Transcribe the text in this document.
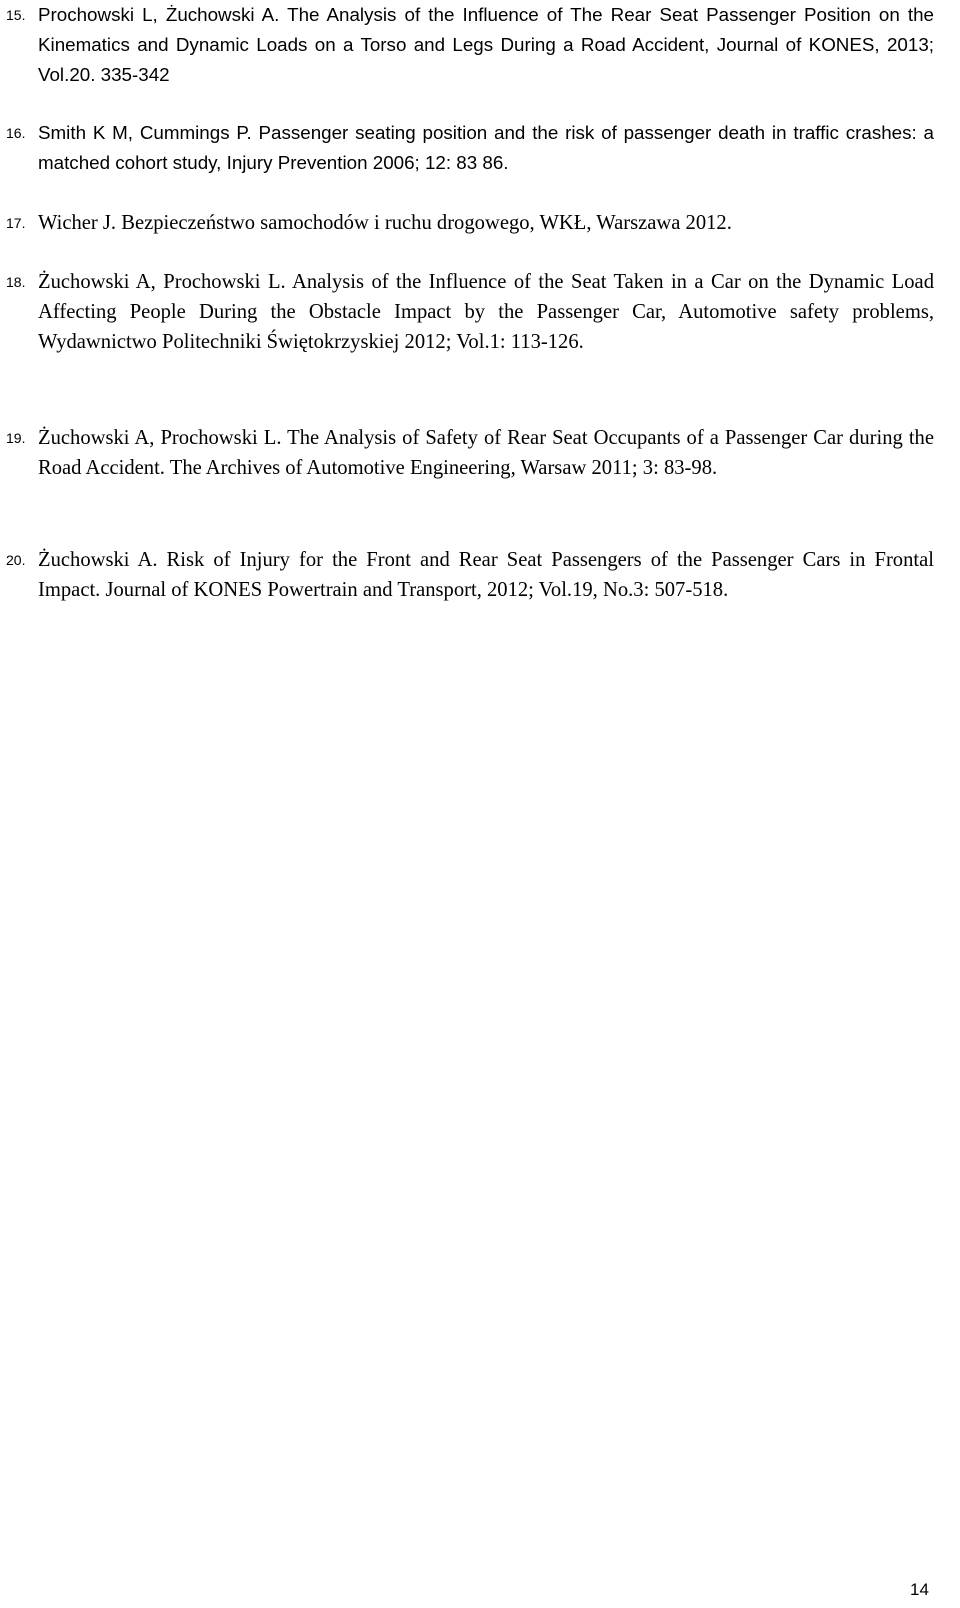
15. Prochowski L, Żuchowski A. The Analysis of the Influence of The Rear Seat Passenger Position on the Kinematics and Dynamic Loads on a Torso and Legs During a Road Accident, Journal of KONES, 2013; Vol.20. 335-342
16. Smith K M, Cummings P. Passenger seating position and the risk of passenger death in traffic crashes: a matched cohort study, Injury Prevention 2006; 12: 83 86.
17. Wicher J. Bezpieczeństwo samochodów i ruchu drogowego, WKŁ, Warszawa 2012.
18. Żuchowski A, Prochowski L. Analysis of the Influence of the Seat Taken in a Car on the Dynamic Load Affecting People During the Obstacle Impact by the Passenger Car, Automotive safety problems, Wydawnictwo Politechniki Świętokrzyskiej 2012; Vol.1: 113-126.
19. Żuchowski A, Prochowski L. The Analysis of Safety of Rear Seat Occupants of a Passenger Car during the Road Accident. The Archives of Automotive Engineering, Warsaw 2011; 3: 83-98.
20. Żuchowski A. Risk of Injury for the Front and Rear Seat Passengers of the Passenger Cars in Frontal Impact. Journal of KONES Powertrain and Transport, 2012; Vol.19, No.3: 507-518.
14
